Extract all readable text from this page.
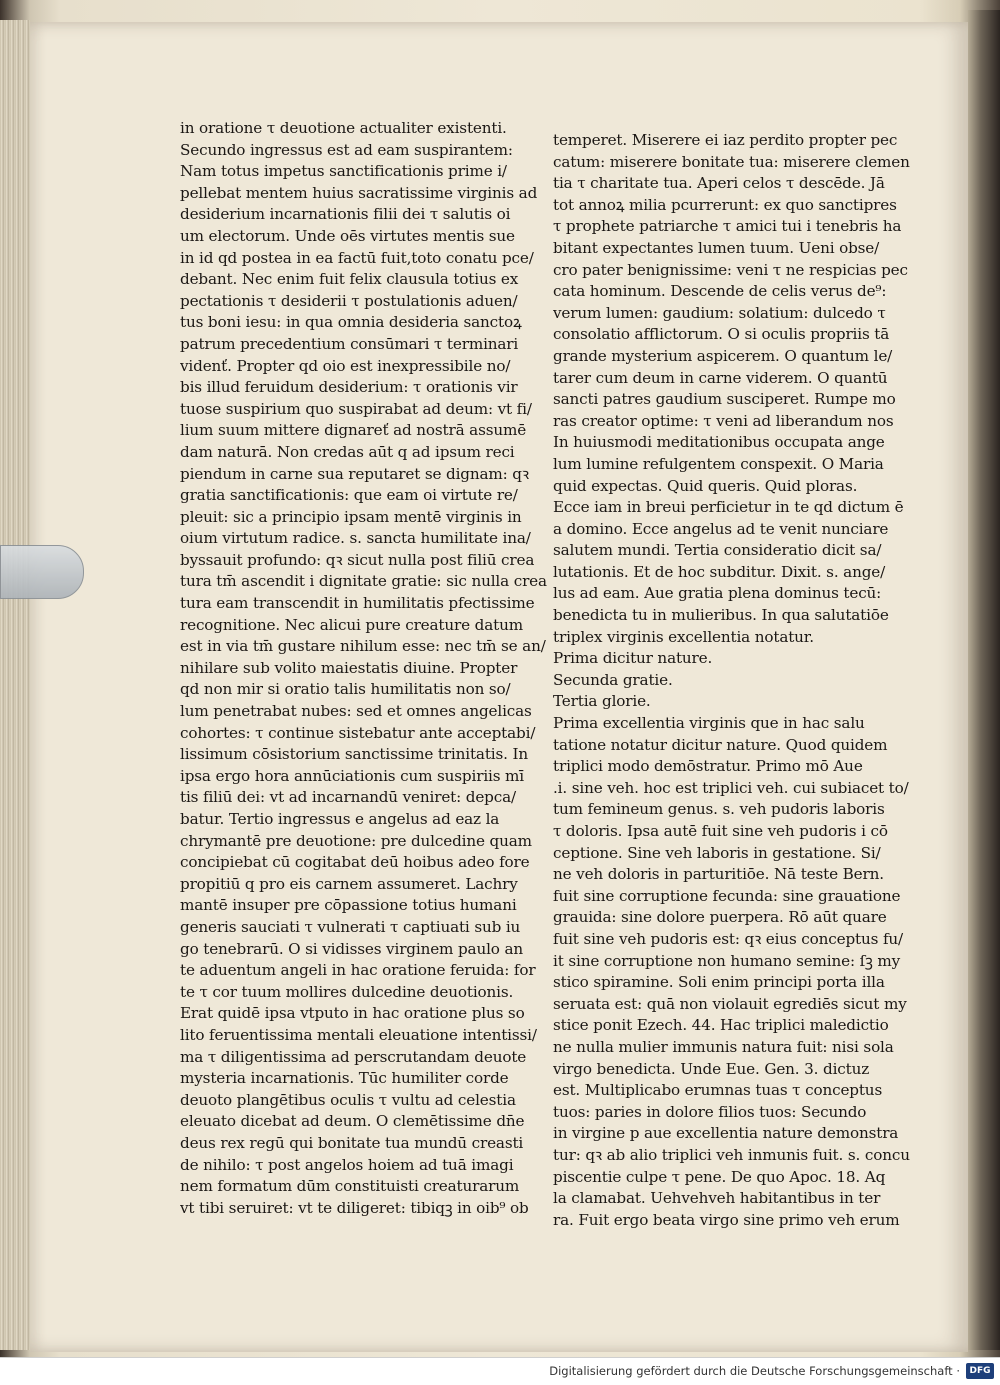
in oratione τ deuotione actualiter existenti.
Secundo ingressus est ad eam suspirantem:
Nam totus impetus sanctificationis prime i/
pellebat mentem huius sacratissime virginis ad
desiderium incarnationis filii dei τ salutis oi
um electorum. Unde oēs virtutes mentis sue
in id qd postea in ea factū fuit,toto conatu pce/
debant. Nec enim fuit felix clausula totius ex
pectationis τ desiderii τ postulationis aduen/
tus boni iesu: in qua omnia desideria sanctoꝝ
patrum precedentium consūmari τ terminari
videnť. Propter qd oio est inexpressibile no/
bis illud feruidum desiderium: τ orationis vir
tuose suspirium quo suspirabat ad deum: vt fi/
lium suum mittere dignareť ad nostrā assumē
dam naturā. Non credas aūt q ad ipsum reci
piendum in carne sua reputaret se dignam: qꝛ
gratia sanctificationis: que eam oi virtute re/
pleuit: sic a principio ipsam mentē virginis in
oium virtutum radice. s. sancta humilitate ina/
byssauit profundo: qꝛ sicut nulla post filiū crea
tura tm̄ ascendit i dignitate gratie: sic nulla crea
tura eam transcendit in humilitatis pfectissime
recognitione. Nec alicui pure creature datum
est in via tm̄ gustare nihilum esse: nec tm̄ se an/
nihilare sub volito maiestatis diuine. Propter
qd non mir si oratio talis humilitatis non so/
lum penetrabat nubes: sed et omnes angelicas
cohortes: τ continue sistebatur ante acceptabi/
lissimum cōsistorium sanctissime trinitatis. In
ipsa ergo hora annūciationis cum suspiriis mī
tis filiū dei: vt ad incarnandū veniret: depca/
batur. Tertio ingressus e angelus ad eaz la
chrymantē pre deuotione: pre dulcedine quam
concipiebat cū cogitabat deū hoibus adeo fore
propitiū q pro eis carnem assumeret. Lachry
mantē insuper pre cōpassione totius humani
generis sauciati τ vulnerati τ captiuati sub iu
go tenebrarū. O si vidisses virginem paulo an
te aduentum angeli in hac oratione feruida: for
te τ cor tuum mollires dulcedine deuotionis.
Erat quidē ipsa vtputo in hac oratione plus so
lito feruentissima mentali eleuatione intentissi/
ma τ diligentissima ad perscrutandam deuote
mysteria incarnationis. Tūc humiliter corde
deuoto plangētibus oculis τ vultu ad celestia
eleuato dicebat ad deum. O clemētissime dn̄e
deus rex regū qui bonitate tua mundū creasti
de nihilo: τ post angelos hoiem ad tuā imagi
nem formatum dūm constituisti creaturarum
vt tibi seruiret: vt te diligeret: tibiqꝫ in oib⁹ ob
temperet. Miserere ei iaz perdito propter pec
catum: miserere bonitate tua: miserere clemen
tia τ charitate tua. Aperi celos τ descēde. Jā
tot annoꝝ milia pcurrerunt: ex quo sanctipres
τ prophete patriarche τ amici tui i tenebris ha
bitant expectantes lumen tuum. Ueni obse/
cro pater benignissime: veni τ ne respicias pec
cata hominum. Descende de celis verus de⁹:
verum lumen: gaudium: solatium: dulcedo τ
consolatio afflictorum. O si oculis propriis tā
grande mysterium aspicerem. O quantum le/
tarer cum deum in carne viderem. O quantū
sancti patres gaudium susciperet. Rumpe mo
ras creator optime: τ veni ad liberandum nos
In huiusmodi meditationibus occupata ange
lum lumine refulgentem conspexit. O Maria
quid expectas. Quid queris. Quid ploras.
Ecce iam in breui perficietur in te qd dictum ē
a domino. Ecce angelus ad te venit nunciare
salutem mundi. Tertia consideratio dicit sa/
lutationis. Et de hoc subditur. Dixit. s. ange/
lus ad eam. Aue gratia plena dominus tecū:
benedicta tu in mulieribus. In qua salutatiōe
triplex virginis excellentia notatur.
Prima dicitur nature.
Secunda gratie.
Tertia glorie.
Prima excellentia virginis que in hac salu
tatione notatur dicitur nature. Quod quidem
triplici modo demōstratur. Primo mō Aue
.i. sine veh. hoc est triplici veh. cui subiacet to/
tum femineum genus. s. veh pudoris laboris
τ doloris. Ipsa autē fuit sine veh pudoris i cō
ceptione. Sine veh laboris in gestatione. Si/
ne veh doloris in parturitiōe. Nā teste Bern.
fuit sine corruptione fecunda: sine grauatione
grauida: sine dolore puerpera. Rō aūt quare
fuit sine veh pudoris est: qꝛ eius conceptus fu/
it sine corruptione non humano semine: ſꝫ my
stico spiramine. Soli enim principi porta illa
seruata est: quā non violauit egrediēs sicut my
stice ponit Ezech. 44. Hac triplici maledictio
ne nulla mulier immunis natura fuit: nisi sola
virgo benedicta. Unde Eue. Gen. 3. dictuz
est. Multiplicabo erumnas tuas τ conceptus
tuos: paries in dolore filios tuos: Secundo
in virgine p aue excellentia nature demonstra
tur: qꝛ ab alio triplici veh inmunis fuit. s. concu
piscentie culpe τ pene. De quo Apoc. 18. Aq
la clamabat. Uehvehveh habitantibus in ter
ra. Fuit ergo beata virgo sine primo veh erum
Digitalisierung gefördert durch die Deutsche Forschungsgemeinschaft ·	DFG
